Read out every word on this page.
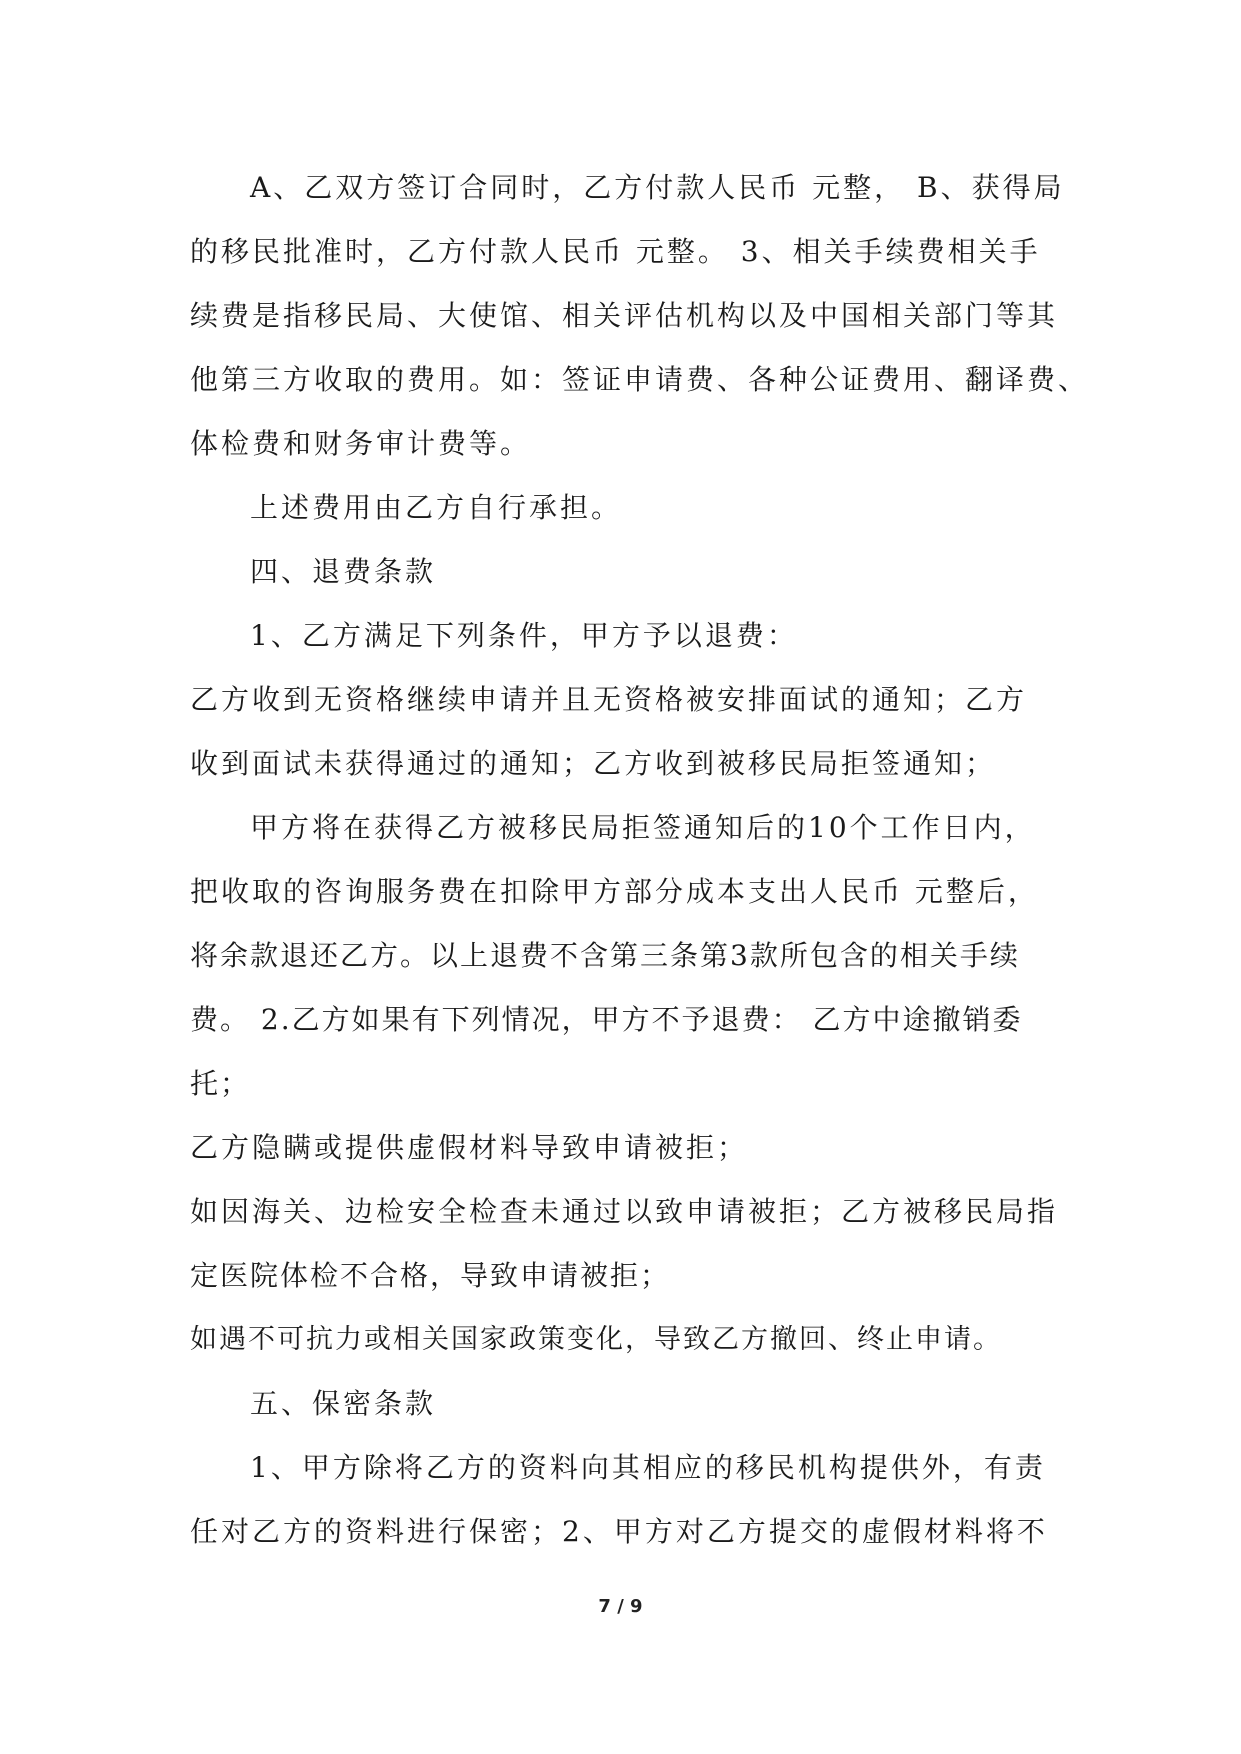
A、乙双方签订合同时，乙方付款人民币 元整， B、获得局
的移民批准时，乙方付款人民币 元整。 3、相关手续费相关手
续费是指移民局、大使馆、相关评估机构以及中国相关部门等其
他第三方收取的费用。如：签证申请费、各种公证费用、翻译费、
体检费和财务审计费等。
上述费用由乙方自行承担。
四、退费条款
1、乙方满足下列条件，甲方予以退费：
乙方收到无资格继续申请并且无资格被安排面试的通知；乙方
收到面试未获得通过的通知；乙方收到被移民局拒签通知；
甲方将在获得乙方被移民局拒签通知后的10个工作日内，
把收取的咨询服务费在扣除甲方部分成本支出人民币 元整后，
将余款退还乙方。以上退费不含第三条第3款所包含的相关手续
费。 2.乙方如果有下列情况，甲方不予退费： 乙方中途撤销委
托；
乙方隐瞒或提供虚假材料导致申请被拒；
如因海关、边检安全检查未通过以致申请被拒；乙方被移民局指
定医院体检不合格，导致申请被拒；
如遇不可抗力或相关国家政策变化，导致乙方撤回、终止申请。
五、保密条款
1、甲方除将乙方的资料向其相应的移民机构提供外，有责
任对乙方的资料进行保密；2、甲方对乙方提交的虚假材料将不
7 / 9
